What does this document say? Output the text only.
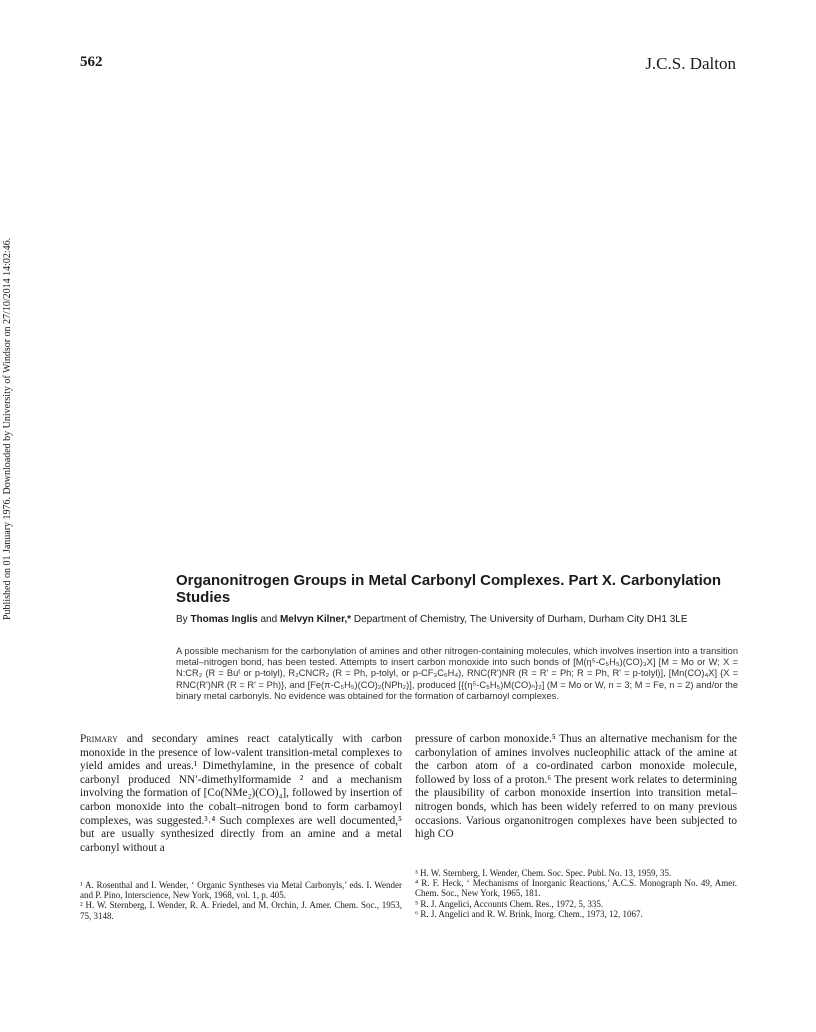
562	J.C.S. Dalton
Published on 01 January 1976. Downloaded by University of Windsor on 27/10/2014 14:02:46.	Organonitrogen Groups in Metal Carbonyl Complexes. Part X. Carbonylation Studies
By Thomas Inglis and Melvyn Kilner,* Department of Chemistry, The University of Durham, Durham City DH1 3LE
A possible mechanism for the carbonylation of amines and other nitrogen-containing molecules, which involves insertion into a transition metal–nitrogen bond, has been tested. Attempts to insert carbon monoxide into such bonds of [M(η⁵-C₅H₅)(CO)₃X] [M = Mo or W; X = N:CR₂ (R = Buᵗ or p-tolyl), R₂CNCR₂ (R = Ph, p-tolyl, or p-CF₃C₆H₄), RNC(R')NR (R = R' = Ph; R = Ph, R' = p-tolyl)], [Mn(CO)₄X] {X = RNC(R')NR (R = R' = Ph)}, and [Fe(π-C₅H₅)(CO)₂(NPh₂)], produced [{(η⁵-C₅H₅)M(CO)ₙ}₂] (M = Mo or W, n = 3; M = Fe, n = 2) and/or the binary metal carbonyls. No evidence was obtained for the formation of carbamoyl complexes.

Primary and secondary amines react catalytically with carbon monoxide in the presence of low-valent transition-metal complexes to yield amides and ureas.¹ Dimethylamine, in the presence of cobalt carbonyl produced NN′-dimethylformamide ² and a mechanism involving the formation of [Co(NMe₂)(CO)₄], followed by insertion of carbon monoxide into the cobalt–nitrogen bond to form carbamoyl complexes, was suggested.³˒⁴ Such complexes are well documented,⁵ but are usually synthesized directly from an amine and a metal carbonyl without a

pressure of carbon monoxide.⁵ Thus an alternative mechanism for the carbonylation of amines involves nucleophilic attack of the amine at the carbon atom of a co-ordinated carbon monoxide molecule, followed by loss of a proton.⁶ The present work relates to determining the plausibility of carbon monoxide insertion into transition metal–nitrogen bonds, which has been widely referred to on many previous occasions. Various organonitrogen complexes have been subjected to high CO

¹ A. Rosenthal and I. Wender, ‘ Organic Syntheses via Metal Carbonyls,’ eds. I. Wender and P. Pino, Interscience, New York, 1968, vol. 1, p. 405.

² H. W. Sternberg, I. Wender, R. A. Friedel, and M. Orchin, J. Amer. Chem. Soc., 1953, 75, 3148.

³ H. W. Sternberg, I. Wender, Chem. Soc. Spec. Publ. No. 13, 1959, 35.

⁴ R. F. Heck, ‘ Mechanisms of Inorganic Reactions,’ A.C.S. Monograph No. 49, Amer. Chem. Soc., New York, 1965, 181.

⁵ R. J. Angelici, Accounts Chem. Res., 1972, 5, 335.

⁶ R. J. Angelici and R. W. Brink, Inorg. Chem., 1973, 12, 1067.
